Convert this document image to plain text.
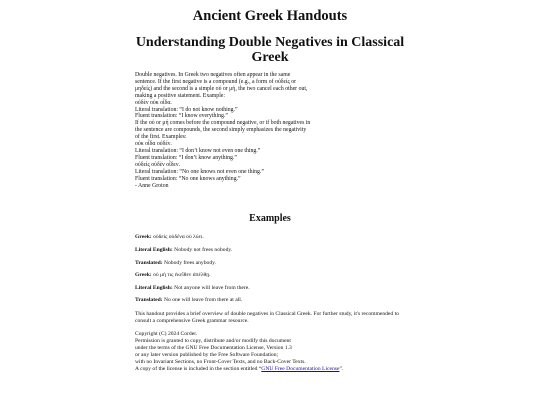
Ancient Greek Handouts
Understanding Double Negatives in Classical Greek
Double negatives. In Greek two negatives often appear in the same
sentence. If the first negative is a compound (e.g., a form of οὐδείς or
μηδείς) and the second is a simple οὐ or μή, the two cancel each other out,
making a positive statement. Example:
οὐδὲν οὐκ οἶδα.
Literal translation: “I do not know nothing.”
Fluent translation: “I know everything.”
If the οὐ or μή comes before the compound negative, or if both negatives in
the sentence are compounds, the second simply emphasizes the negativity
of the first. Examples:
οὐκ οἶδα οὐδέν.
Literal translation: “I don’t know not even one thing.”
Fluent translation: “I don’t know anything.”
οὐδεὶς οὐδὲν οἶδεν.
Literal translation: “No one knows not even one thing.”
Fluent translation: “No one knows anything.”
- Anne Groton
Examples
Greek: οὐδεὶς οὐδένα οὐ λύει.
Literal English: Nobody not frees nobody.
Translated: Nobody frees anybody.
Greek: οὐ μή τις ἐκεῖθεν ἀπέλθῃ.
Literal English: Not anyone will leave from there.
Translated: No one will leave from there at all.
This handout provides a brief overview of double negatives in Classical Greek. For further study, it's recommended to consult a comprehensive Greek grammar resource.
Copyright (C) 2024 Corder.
Permission is granted to copy, distribute and/or modify this document
under the terms of the GNU Free Documentation License, Version 1.3
or any later version published by the Free Software Foundation;
with no Invariant Sections, no Front-Cover Texts, and no Back-Cover Texts.
A copy of the license is included in the section entitled “GNU Free Documentation License”.
